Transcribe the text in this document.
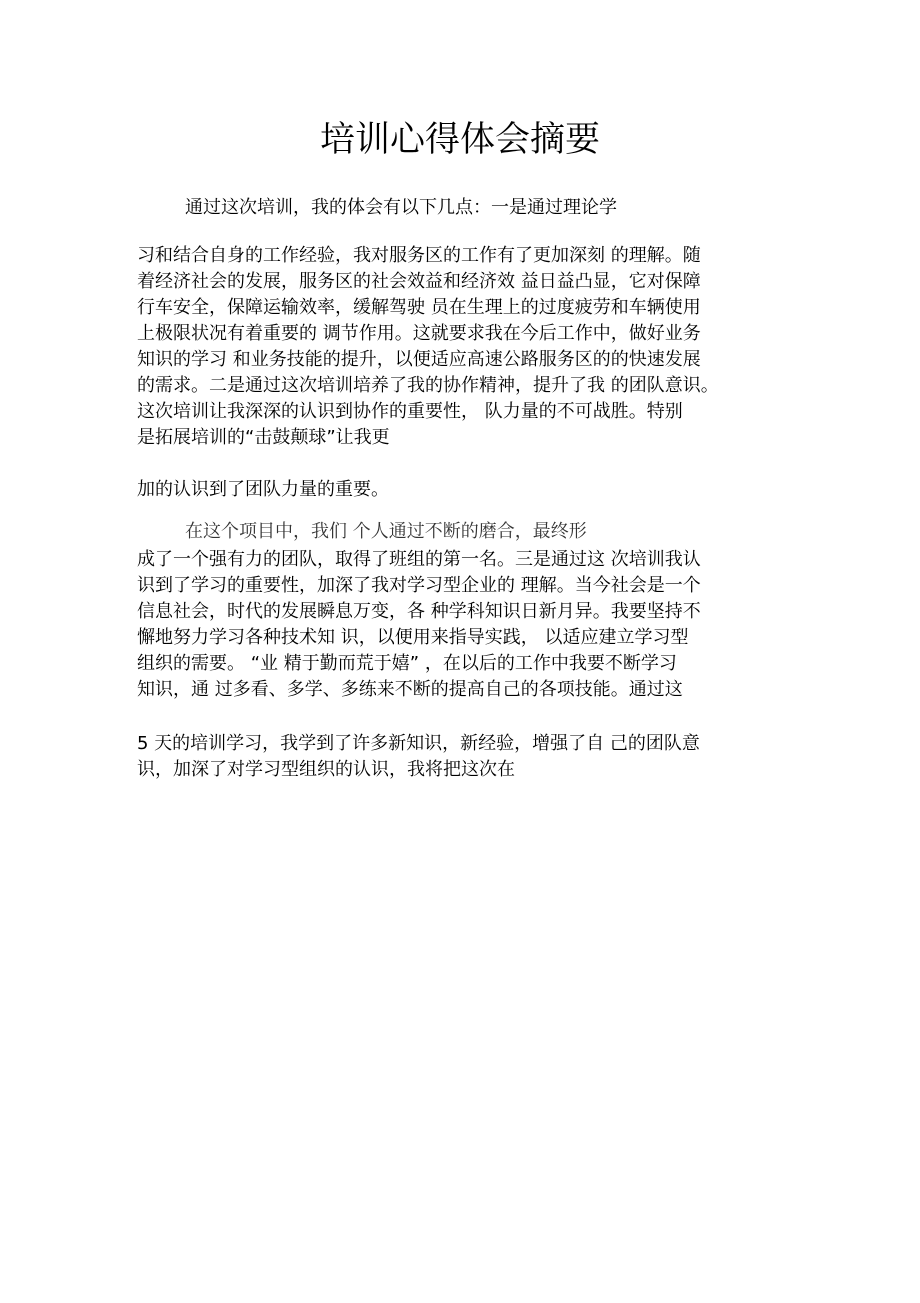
培训心得体会摘要

通过这次培训，我的体会有以下几点：一是通过理论学

习和结合自身的工作经验，我对服务区的工作有了更加深刻 的理解。随

着经济社会的发展，服务区的社会效益和经济效 益日益凸显，它对保障

行车安全，保障运输效率，缓解驾驶 员在生理上的过度疲劳和车辆使用

上极限状况有着重要的 调节作用。这就要求我在今后工作中，做好业务

知识的学习 和业务技能的提升，以便适应高速公路服务区的的快速发展

的需求。二是通过这次培训培养了我的协作精神，提升了我 的团队意识。

这次培训让我深深的认识到协作的重要性， 队力量的不可战胜。特别

是拓展培训的“击鼓颠球”让我更

加的认识到了团队力量的重要。

在这个项目中，我们 个人通过不断的磨合，最终形

成了一个强有力的团队，取得了班组的第一名。三是通过这 次培训我认

识到了学习的重要性，加深了我对学习型企业的 理解。当今社会是一个

信息社会，时代的发展瞬息万变，各 种学科知识日新月异。我要坚持不

懈地努力学习各种技术知 识，以便用来指导实践， 以适应建立学习型

组织的需要。 “业 精于勤而荒于嬉” ，在以后的工作中我要不断学习

知识，通 过多看、多学、多练来不断的提高自己的各项技能。通过这

5 天的培训学习，我学到了许多新知识，新经验，增强了自 己的团队意

识，加深了对学习型组织的认识，我将把这次在
